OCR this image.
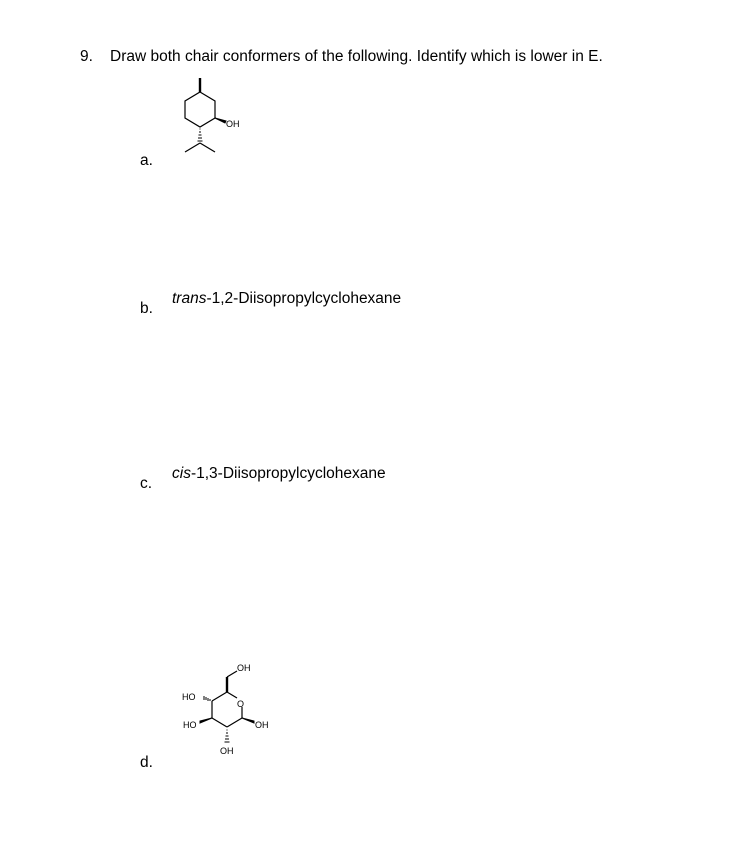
9. Draw both chair conformers of the following. Identify which is lower in E.
a.
OH
b.
trans-1,2-Diisopropylcyclohexane
c.
cis-1,3-Diisopropylcyclohexane
d.
O
OH
HO
HO	OH
OH
